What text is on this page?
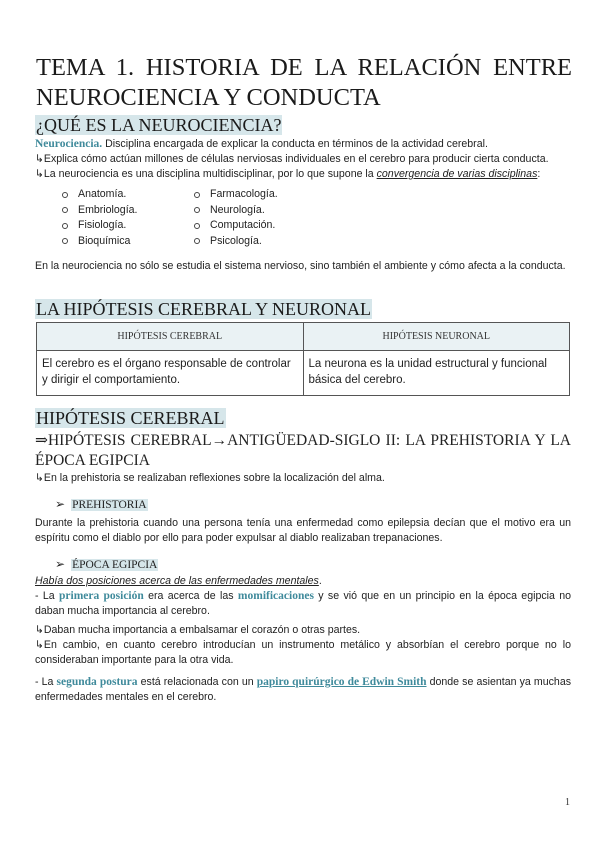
TEMA 1. HISTORIA DE LA RELACIÓN ENTRE
NEUROCIENCIA Y CONDUCTA
¿QUÉ ES LA NEUROCIENCIA?
Neurociencia. Disciplina encargada de explicar la conducta en términos de la actividad cerebral.
↳Explica cómo actúan millones de células nerviosas individuales en el cerebro para producir cierta conducta.
↳La neurociencia es una disciplina multidisciplinar, por lo que supone la convergencia de varias disciplinas:
Anatomía.
Embriología.
Fisiología.
Bioquímica
Farmacología.
Neurología.
Computación.
Psicología.
En la neurociencia no sólo se estudia el sistema nervioso, sino también el ambiente y cómo afecta a la conducta.
LA HIPÓTESIS CEREBRAL Y NEURONAL
HIPÓTESIS CEREBRAL	HIPÓTESIS NEURONAL
El cerebro es el órgano responsable de controlar y dirigir el comportamiento.	La neurona es la unidad estructural y funcional básica del cerebro.
HIPÓTESIS CEREBRAL
⇒HIPÓTESIS CEREBRAL→ANTIGÜEDAD-SIGLO II: LA PREHISTORIA Y LA ÉPOCA EGIPCIA
↳En la prehistoria se realizaban reflexiones sobre la localización del alma.
➢ PREHISTORIA
Durante la prehistoria cuando una persona tenía una enfermedad como epilepsia decían que el motivo era un espíritu como el diablo por ello para poder expulsar al diablo realizaban trepanaciones.
➢ ÉPOCA EGIPCIA
Había dos posiciones acerca de las enfermedades mentales.
- La primera posición era acerca de las momificaciones y se vió que en un principio en la época egipcia no daban mucha importancia al cerebro.
↳Daban mucha importancia a embalsamar el corazón o otras partes.
↳En cambio, en cuanto cerebro introducían un instrumento metálico y absorbían el cerebro porque no lo consideraban importante para la otra vida.
- La segunda postura está relacionada con un papiro quirúrgico de Edwin Smith donde se asientan ya muchas enfermedades mentales en el cerebro.
1
